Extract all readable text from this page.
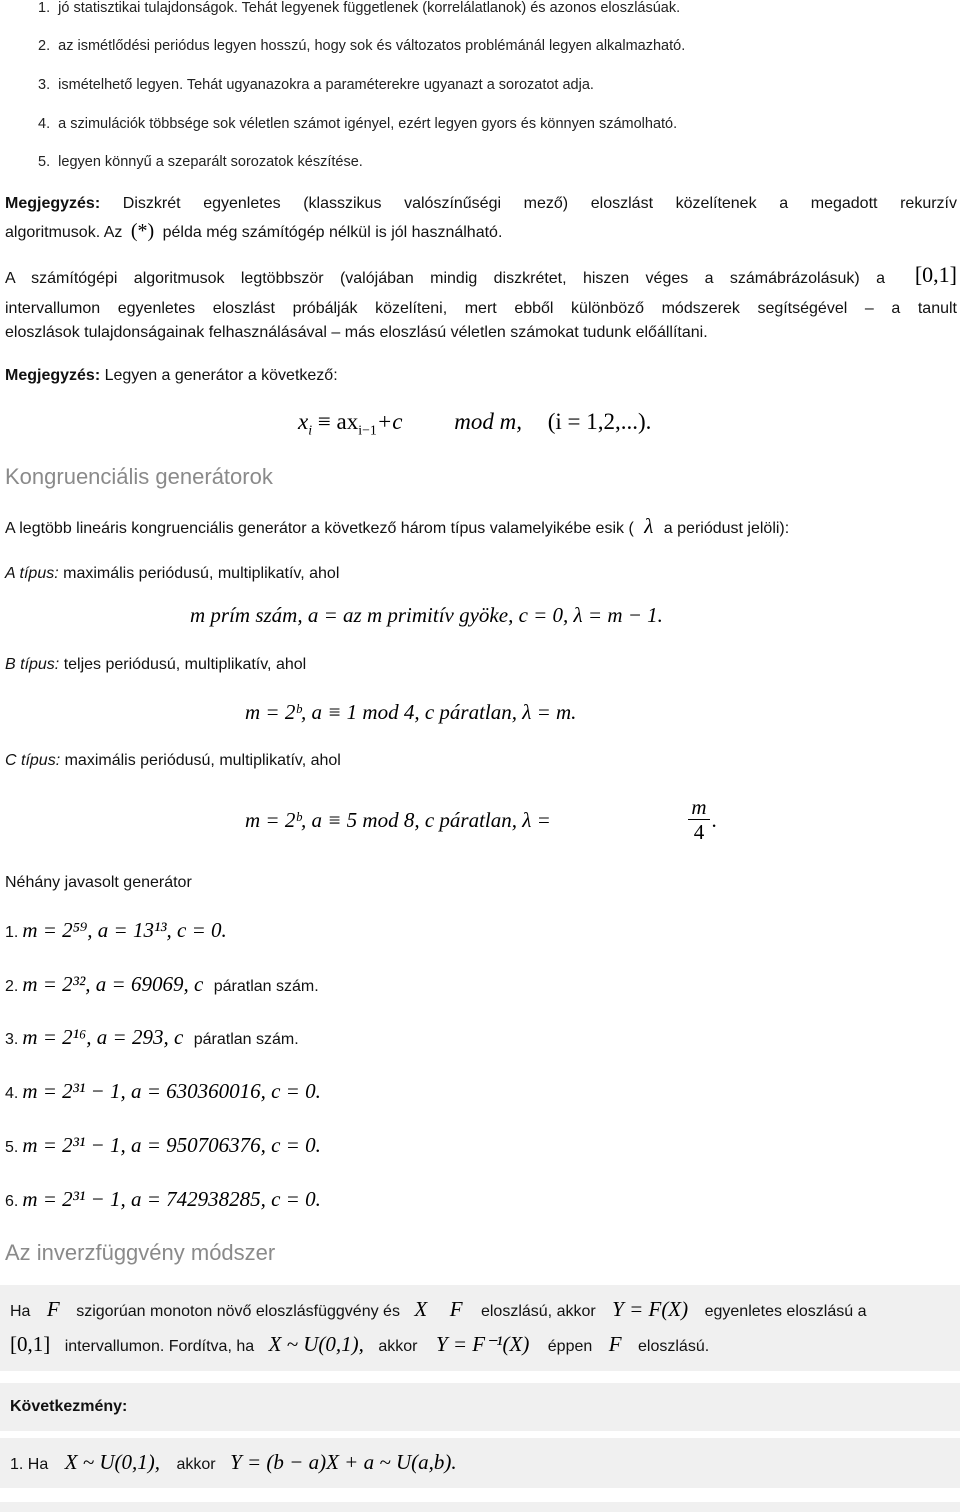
1. jó statisztikai tulajdonságok. Tehát legyenek függetlenek (korrelálatlanok) és azonos eloszlásúak.
2. az ismétlődési periódus legyen hosszú, hogy sok és változatos problémánál legyen alkalmazható.
3. ismételhető legyen. Tehát ugyanazokra a paraméterekre ugyanazt a sorozatot adja.
4. a szimulációk többsége sok véletlen számot igényel, ezért legyen gyors és könnyen számolható.
5. legyen könnyű a szeparált sorozatok készítése.
Megjegyzés: Diszkrét egyenletes (klasszikus valószínűségi mező) eloszlást közelítenek a megadott rekurzív
algoritmusok. Az (*) példa még számítógép nélkül is jól használható.
A számítógépi algoritmusok legtöbbször (valójában mindig diszkrétet, hiszen véges a számábrázolásuk) a [0,1]
intervallumon egyenletes eloszlást próbálják közelíteni, mert ebből különböző módszerek segítségével – a tanult
eloszlások tulajdonságainak felhasználásával – más eloszlású véletlen számokat tudunk előállítani.
Megjegyzés: Legyen a generátor a következő:
$x_i \equiv ax_{i-1}+c$ mod m, (i = 1,2,...).
Kongruenciális generátorok
A legtöbb lineáris kongruenciális generátor a következő három típus valamelyikébe esik ( λ a periódust jelöli):
A típus: maximális periódusú, multiplikatív, ahol
m prím szám, a = az m primitív gyöke, c = 0, λ = m − 1.
B típus: teljes periódusú, multiplikatív, ahol
m = 2ᵇ, a ≡ 1 mod 4, c páratlan, λ = m.
C típus: maximális periódusú, multiplikatív, ahol
m = 2ᵇ, a ≡ 5 mod 8, c páratlan, λ =	$\frac{m}{4}$ .
Néhány javasolt generátor
1. m = 2⁵⁹, a = 13¹³, c = 0.
2. m = 2³², a = 69069, c páratlan szám.
3. m = 2¹⁶, a = 293, c páratlan szám.
4. m = 2³¹ − 1, a = 630360016, c = 0.
5. m = 2³¹ − 1, a = 950706376, c = 0.
6. m = 2³¹ − 1, a = 742938285, c = 0.
Az inverzfüggvény módszer
Ha F szigorúan monoton növő eloszlásfüggvény és X F eloszlású, akkor Y = F(X) egyenletes eloszlású a
[0,1] intervallumon. Fordítva, ha X ~ U(0,1), akkor Y = F⁻¹(X) éppen F eloszlású.
Következmény:
1. Ha X ~ U(0,1), akkor Y = (b − a)X + a ~ U(a,b).
